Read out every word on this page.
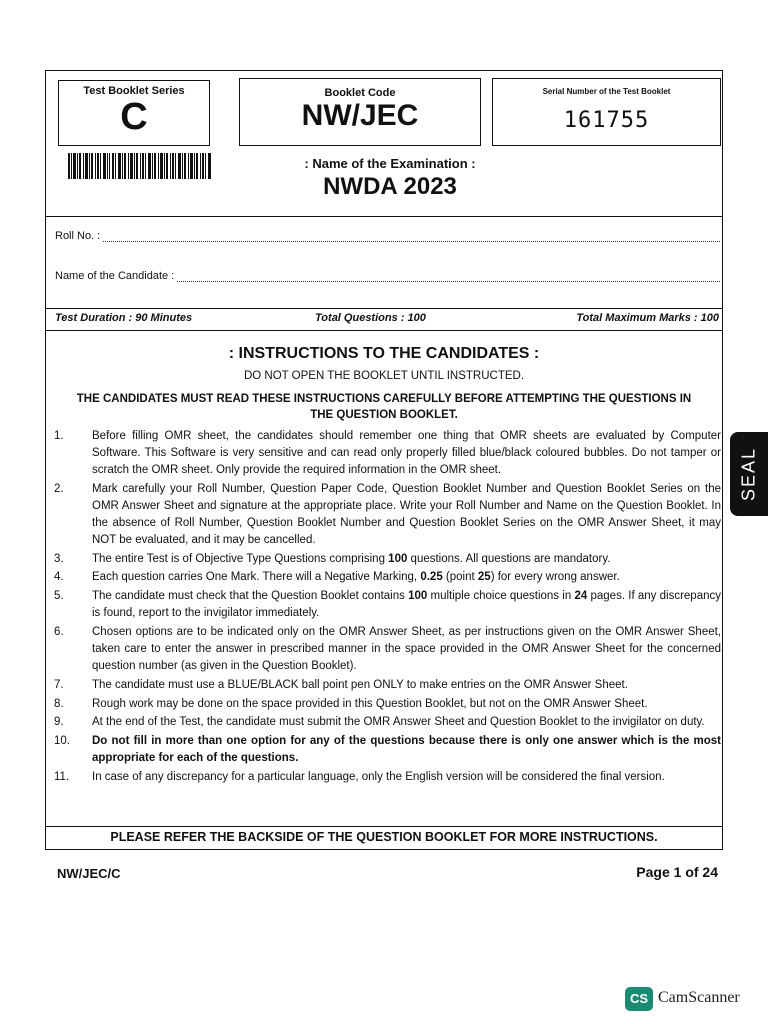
Test Booklet Series
C
Booklet Code
NW/JEC
Serial Number of the Test Booklet
161755
: Name of the Examination :
NWDA 2023
Roll No. :
Name of the Candidate :
Test Duration : 90 Minutes	Total Questions : 100	Total Maximum Marks : 100
: INSTRUCTIONS TO THE CANDIDATES :
DO NOT OPEN THE BOOKLET UNTIL INSTRUCTED.
THE CANDIDATES MUST READ THESE INSTRUCTIONS CAREFULLY BEFORE ATTEMPTING THE QUESTIONS IN THE QUESTION BOOKLET.
1.	Before filling OMR sheet, the candidates should remember one thing that OMR sheets are evaluated by Computer Software. This Software is very sensitive and can read only properly filled blue/black coloured bubbles. Do not tamper or scratch the OMR sheet. Only provide the required information in the OMR sheet.
2.	Mark carefully your Roll Number, Question Paper Code, Question Booklet Number and Question Booklet Series on the OMR Answer Sheet and signature at the appropriate place. Write your Roll Number and Name on the Question Booklet. In the absence of Roll Number, Question Booklet Number and Question Booklet Series on the OMR Answer Sheet, it may NOT be evaluated, and it may be cancelled.
3.	The entire Test is of Objective Type Questions comprising 100 questions. All questions are mandatory.
4.	Each question carries One Mark. There will a Negative Marking, 0.25 (point 25) for every wrong answer.
5.	The candidate must check that the Question Booklet contains 100 multiple choice questions in 24 pages. If any discrepancy is found, report to the invigilator immediately.
6.	Chosen options are to be indicated only on the OMR Answer Sheet, as per instructions given on the OMR Answer Sheet, taken care to enter the answer in prescribed manner in the space provided in the OMR Answer Sheet for the concerned question number (as given in the Question Booklet).
7.	The candidate must use a BLUE/BLACK ball point pen ONLY to make entries on the OMR Answer Sheet.
8.	Rough work may be done on the space provided in this Question Booklet, but not on the OMR Answer Sheet.
9.	At the end of the Test, the candidate must submit the OMR Answer Sheet and Question Booklet to the invigilator on duty.
10.	Do not fill in more than one option for any of the questions because there is only one answer which is the most appropriate for each of the questions.
11.	In case of any discrepancy for a particular language, only the English version will be considered the final version.
PLEASE REFER THE BACKSIDE OF THE QUESTION BOOKLET FOR MORE INSTRUCTIONS.
NW/JEC/C	Page 1 of 24
SEAL
CS CamScanner
